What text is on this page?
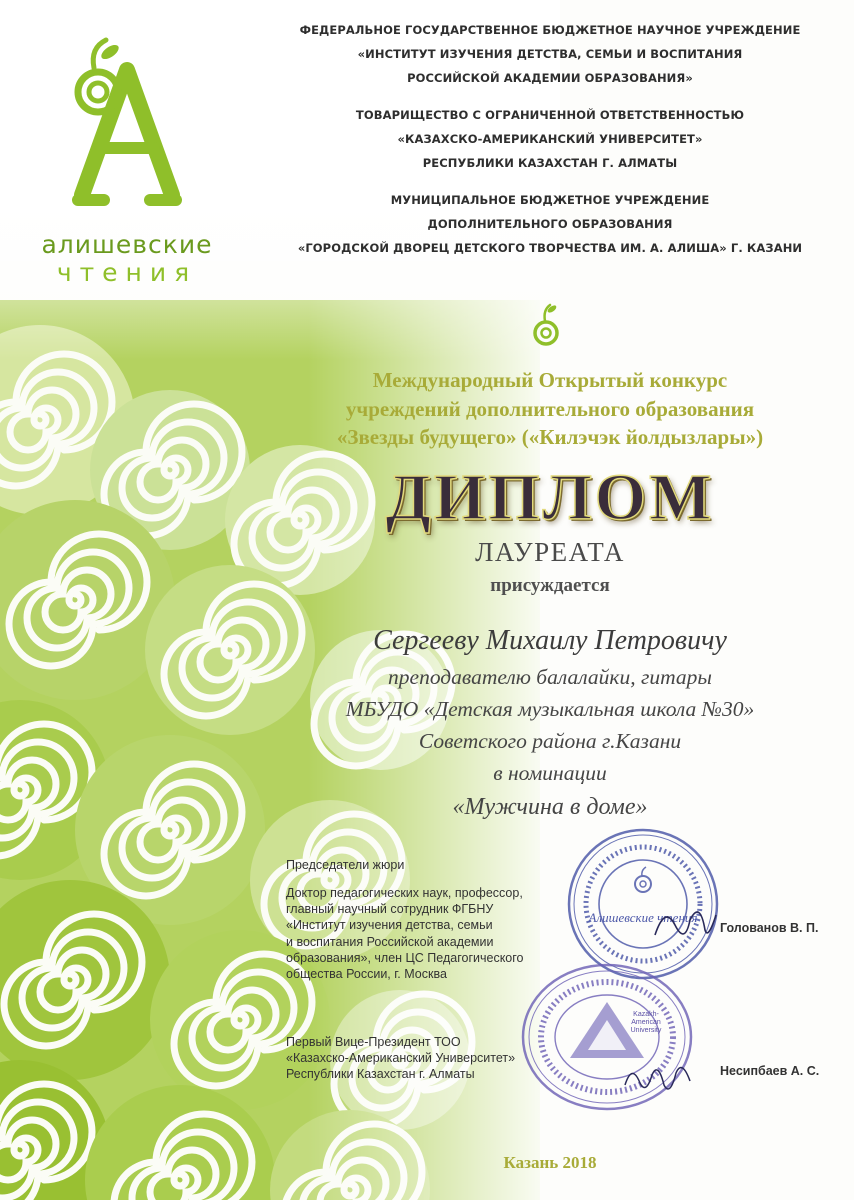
алишевские
чтения
ФЕДЕРАЛЬНОЕ ГОСУДАРСТВЕННОЕ БЮДЖЕТНОЕ НАУЧНОЕ УЧРЕЖДЕНИЕ
«ИНСТИТУТ ИЗУЧЕНИЯ ДЕТСТВА, СЕМЬИ И ВОСПИТАНИЯ
РОССИЙСКОЙ АКАДЕМИИ ОБРАЗОВАНИЯ»
ТОВАРИЩЕСТВО С ОГРАНИЧЕННОЙ ОТВЕТСТВЕННОСТЬЮ
«КАЗАХСКО-АМЕРИКАНСКИЙ УНИВЕРСИТЕТ»
РЕСПУБЛИКИ КАЗАХСТАН Г. АЛМАТЫ
МУНИЦИПАЛЬНОЕ БЮДЖЕТНОЕ УЧРЕЖДЕНИЕ
ДОПОЛНИТЕЛЬНОГО ОБРАЗОВАНИЯ
«ГОРОДСКОЙ ДВОРЕЦ ДЕТСКОГО ТВОРЧЕСТВА ИМ. А. АЛИША» Г. КАЗАНИ
Международный Открытый конкурс
учреждений дополнительного образования
«Звезды будущего» («Килэчэк йолдызлары»)
ДИПЛОМ
ЛАУРЕАТА
присуждается
Сергееву Михаилу Петровичу
преподавателю балалайки, гитары
МБУДО «Детская музыкальная школа №30»
Советского района г.Казани
в номинации
«Мужчина в доме»
Председатели жюри
Доктор педагогических наук, профессор,
главный научный сотрудник ФГБНУ
«Институт изучения детства, семьи
и воспитания Российской академии
образования», член ЦС Педагогического
общества России, г. Москва
Первый Вице-Президент ТОО
«Казахско-Американский Университет»
Республики Казахстан г. Алматы
Алишевские чтения
Kazakh-
American
University
Голованов В. П.
Несипбаев А. С.
Казань 2018
